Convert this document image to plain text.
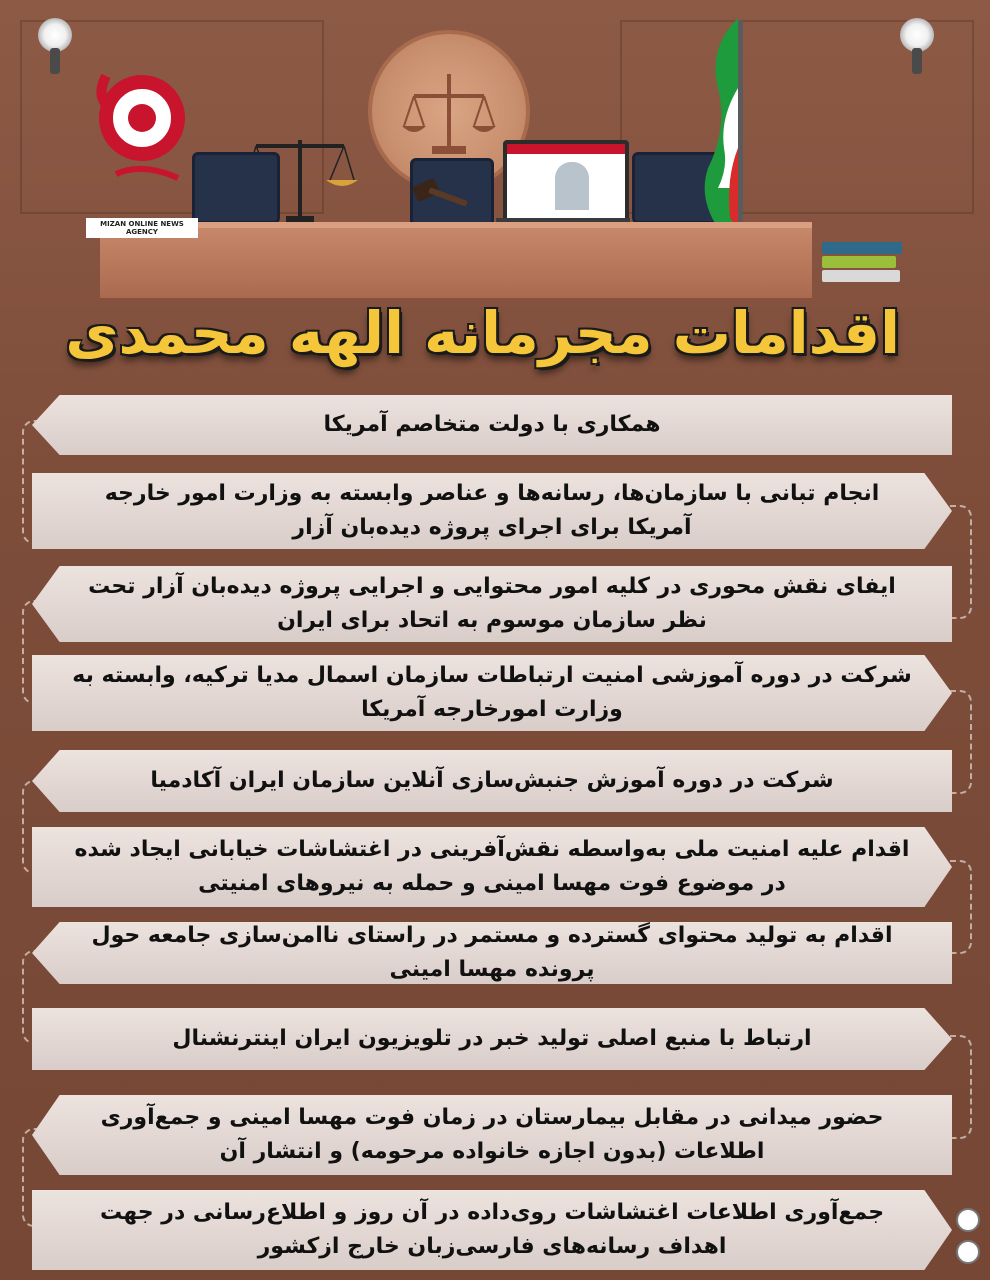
MIZAN ONLINE NEWS AGENCY
اقدامات مجرمانه الهه محمدی
همکاری با دولت متخاصم آمریکا
انجام تبانی با سازمان‌ها، رسانه‌ها و عناصر وابسته به وزارت امور خارجه آمریکا برای اجرای پروژه دیده‌بان آزار
ایفای نقش محوری در کلیه امور محتوایی و اجرایی پروژه دیده‌بان آزار تحت نظر سازمان موسوم به اتحاد برای ایران
شرکت در دوره آموزشی امنیت ارتباطات سازمان اسمال مدیا ترکیه، وابسته به وزارت امورخارجه آمریکا
شرکت در دوره آموزش جنبش‌سازی آنلاین سازمان ایران آکادمیا
اقدام علیه امنیت ملی به‌واسطه نقش‌آفرینی در اغتشاشات خیابانی ایجاد شده در موضوع فوت مهسا امینی و حمله به نیروهای امنیتی
اقدام به تولید محتوای گسترده و مستمر در راستای ناامن‌سازی جامعه حول پرونده مهسا امینی
ارتباط با منبع اصلی تولید خبر در تلویزیون ایران اینترنشنال
حضور میدانی در مقابل بیمارستان در زمان فوت مهسا امینی و جمع‌آوری اطلاعات (بدون اجازه خانواده مرحومه) و انتشار آن
جمع‌آوری اطلاعات اغتشاشات روی‌داده در آن روز و اطلاع‌رسانی در جهت اهداف رسانه‌های فارسی‌زبان خارج ازکشور
